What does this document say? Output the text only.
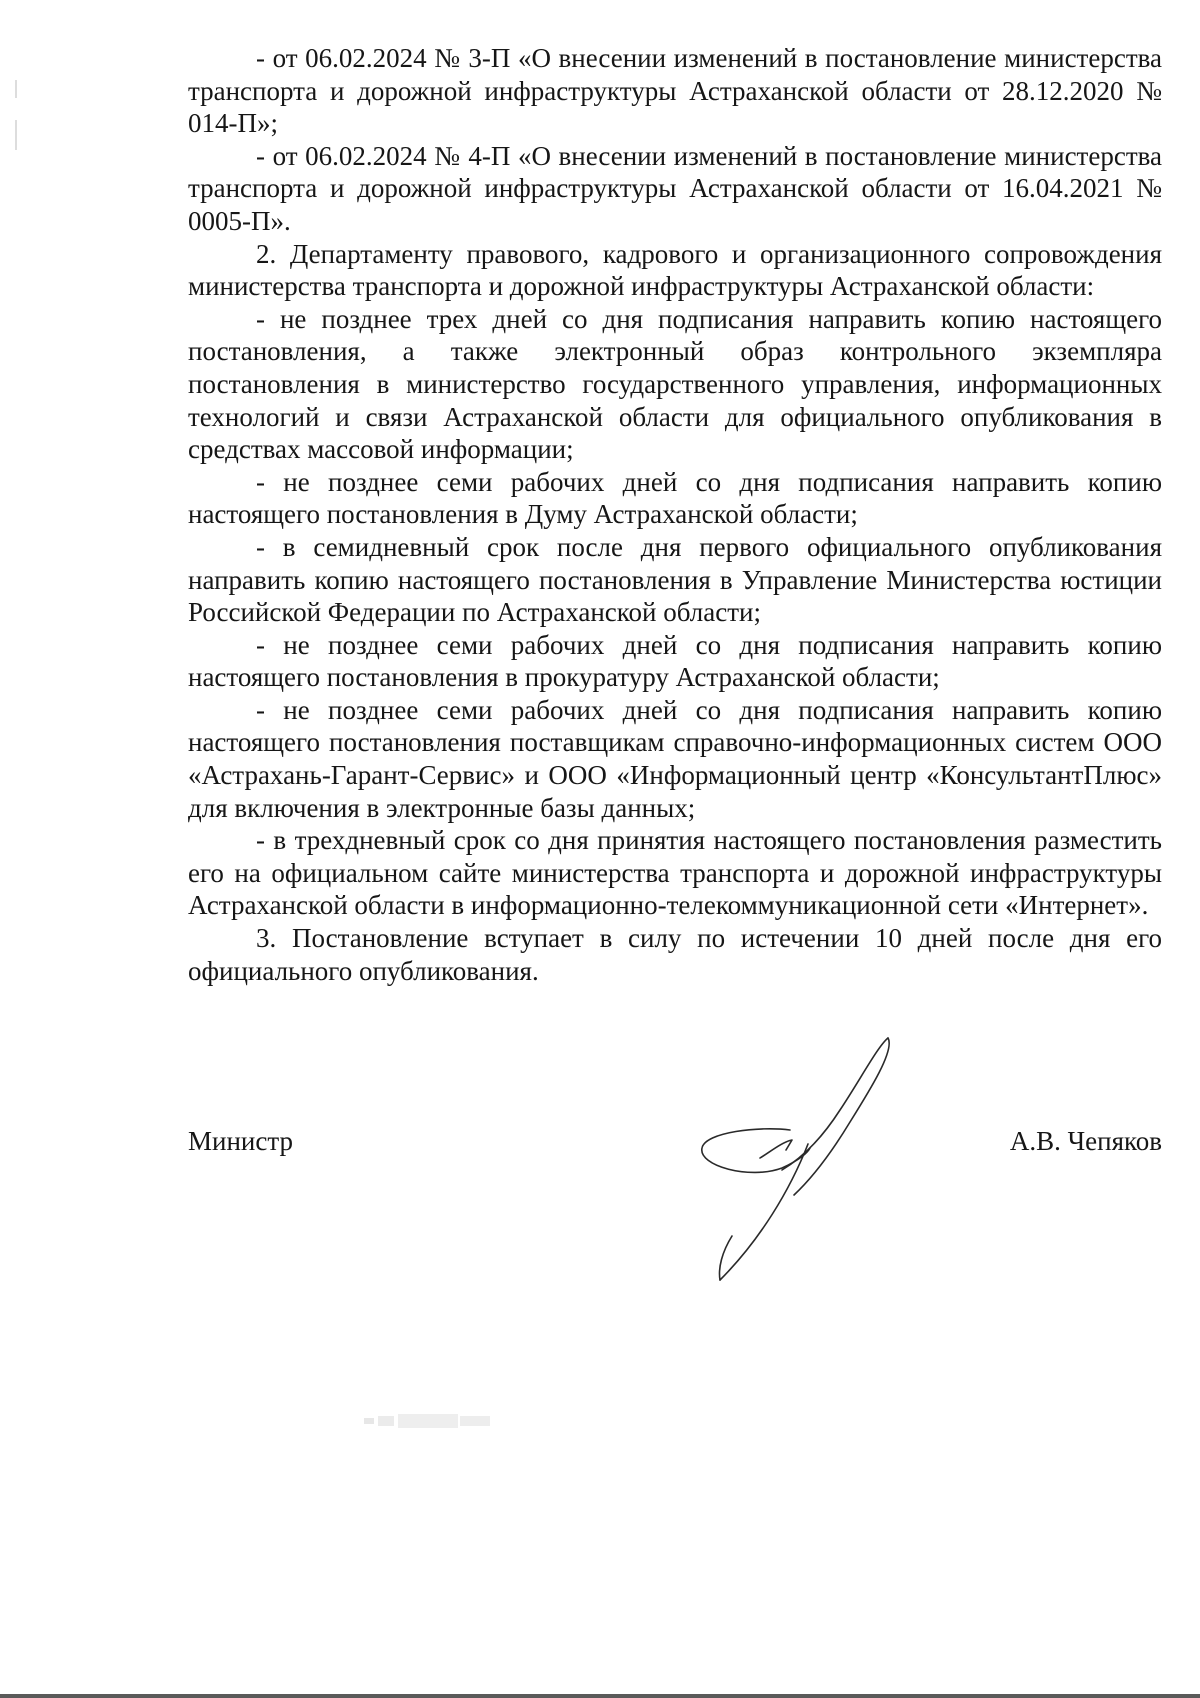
- от 06.02.2024 № 3-П «О внесении изменений в постановление министерства транспорта и дорожной инфраструктуры Астраханской области от 28.12.2020 № 014-П»;

- от 06.02.2024 № 4-П «О внесении изменений в постановление министерства транспорта и дорожной инфраструктуры Астраханской области от 16.04.2021 № 0005-П».

2. Департаменту правового, кадрового и организационного сопровождения министерства транспорта и дорожной инфраструктуры Астраханской области:

- не позднее трех дней со дня подписания направить копию настоящего постановления, а также электронный образ контрольного экземпляра постановления в министерство государственного управления, информационных технологий и связи Астраханской области для официального опубликования в средствах массовой информации;

- не позднее семи рабочих дней со дня подписания направить копию настоящего постановления в Думу Астраханской области;

- в семидневный срок после дня первого официального опубликования направить копию настоящего постановления в Управление Министерства юстиции Российской Федерации по Астраханской области;

- не позднее семи рабочих дней со дня подписания направить копию настоящего постановления в прокуратуру Астраханской области;

- не позднее семи рабочих дней со дня подписания направить копию настоящего постановления поставщикам справочно-информационных систем ООО «Астрахань-Гарант-Сервис» и ООО «Информационный центр «КонсультантПлюс» для включения в электронные базы данных;

- в трехдневный срок со дня принятия настоящего постановления разместить его на официальном сайте министерства транспорта и дорожной инфраструктуры Астраханской области в информационно-телекоммуникационной сети «Интернет».

3. Постановление вступает в силу по истечении 10 дней после дня его официального опубликования.

Министр	А.В. Чепяков
